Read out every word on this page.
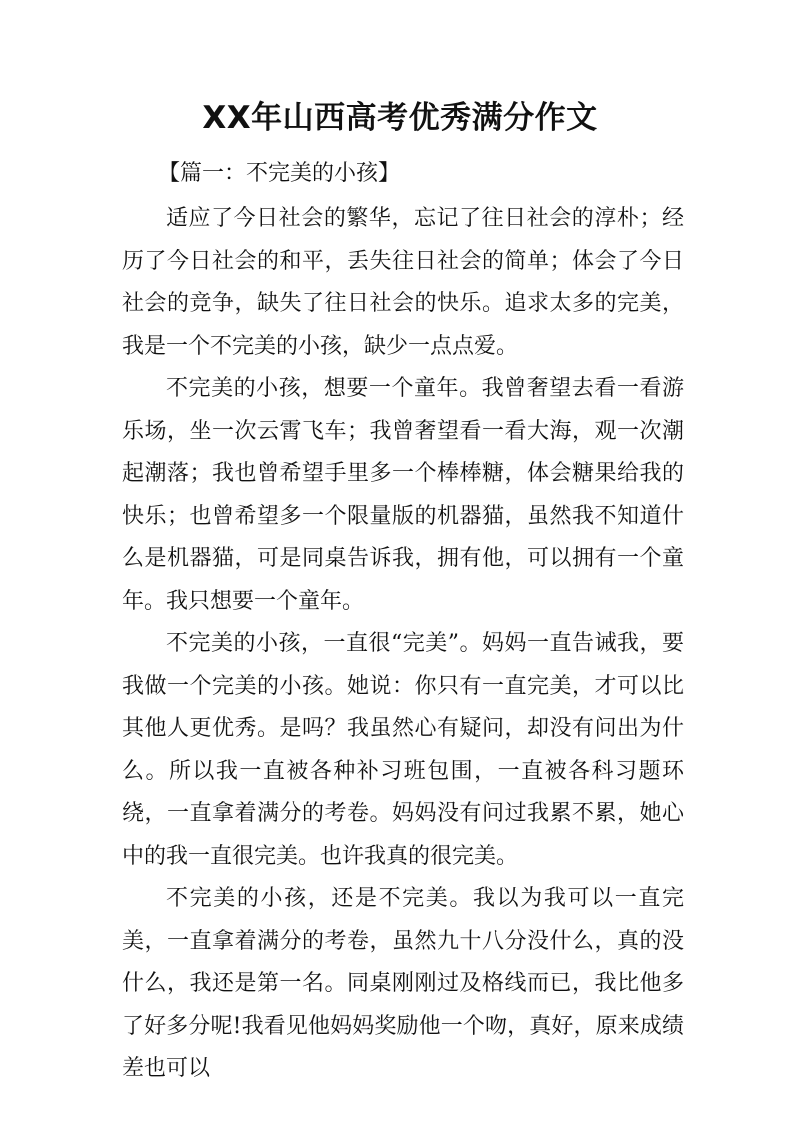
XX年山西高考优秀满分作文

【篇一：不完美的小孩】

适应了今日社会的繁华，忘记了往日社会的淳朴；经历了今日社会的和平，丢失往日社会的简单；体会了今日社会的竞争，缺失了往日社会的快乐。追求太多的完美，我是一个不完美的小孩，缺少一点点爱。

不完美的小孩，想要一个童年。我曾奢望去看一看游乐场，坐一次云霄飞车；我曾奢望看一看大海，观一次潮起潮落；我也曾希望手里多一个棒棒糖，体会糖果给我的快乐；也曾希望多一个限量版的机器猫，虽然我不知道什么是机器猫，可是同桌告诉我，拥有他，可以拥有一个童年。我只想要一个童年。

不完美的小孩，一直很“完美”。妈妈一直告诫我，要我做一个完美的小孩。她说：你只有一直完美，才可以比其他人更优秀。是吗？我虽然心有疑问，却没有问出为什么。所以我一直被各种补习班包围，一直被各科习题环绕，一直拿着满分的考卷。妈妈没有问过我累不累，她心中的我一直很完美。也许我真的很完美。

不完美的小孩，还是不完美。我以为我可以一直完美，一直拿着满分的考卷，虽然九十八分没什么，真的没什么，我还是第一名。同桌刚刚过及格线而已，我比他多了好多分呢!我看见他妈妈奖励他一个吻，真好，原来成绩差也可以
